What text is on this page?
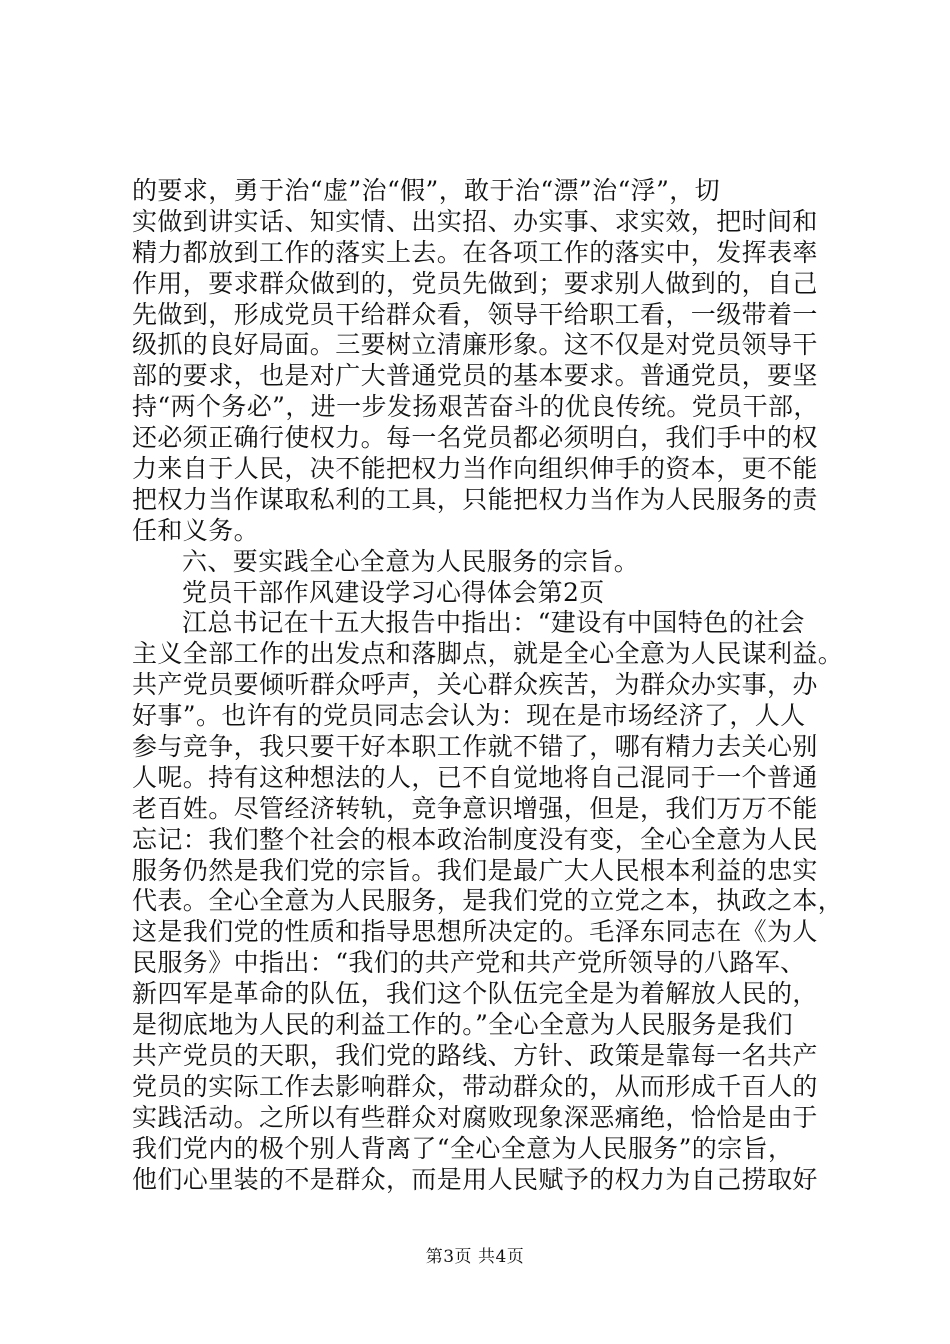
的要求，勇于治“虚”治“假”，敢于治“漂”治“浮”，切
实做到讲实话、知实情、出实招、办实事、求实效，把时间和
精力都放到工作的落实上去。在各项工作的落实中，发挥表率
作用，要求群众做到的，党员先做到；要求别人做到的，自己
先做到，形成党员干给群众看，领导干给职工看，一级带着一
级抓的良好局面。三要树立清廉形象。这不仅是对党员领导干
部的要求，也是对广大普通党员的基本要求。普通党员，要坚
持“两个务必”，进一步发扬艰苦奋斗的优良传统。党员干部，
还必须正确行使权力。每一名党员都必须明白，我们手中的权
力来自于人民，决不能把权力当作向组织伸手的资本，更不能
把权力当作谋取私利的工具，只能把权力当作为人民服务的责
任和义务。
六、要实践全心全意为人民服务的宗旨。
党员干部作风建设学习心得体会第2页
江总书记在十五大报告中指出：“建设有中国特色的社会
主义全部工作的出发点和落脚点，就是全心全意为人民谋利益。
共产党员要倾听群众呼声，关心群众疾苦，为群众办实事，办
好事”。也许有的党员同志会认为：现在是市场经济了，人人
参与竞争，我只要干好本职工作就不错了，哪有精力去关心别
人呢。持有这种想法的人，已不自觉地将自己混同于一个普通
老百姓。尽管经济转轨，竞争意识增强，但是，我们万万不能
忘记：我们整个社会的根本政治制度没有变，全心全意为人民
服务仍然是我们党的宗旨。我们是最广大人民根本利益的忠实
代表。全心全意为人民服务，是我们党的立党之本，执政之本，
这是我们党的性质和指导思想所决定的。毛泽东同志在《为人
民服务》中指出：“我们的共产党和共产党所领导的八路军、
新四军是革命的队伍，我们这个队伍完全是为着解放人民的，
是彻底地为人民的利益工作的。”全心全意为人民服务是我们
共产党员的天职，我们党的路线、方针、政策是靠每一名共产
党员的实际工作去影响群众，带动群众的，从而形成千百人的
实践活动。之所以有些群众对腐败现象深恶痛绝，恰恰是由于
我们党内的极个别人背离了“全心全意为人民服务”的宗旨，
他们心里装的不是群众，而是用人民赋予的权力为自己捞取好
第3页 共4页
